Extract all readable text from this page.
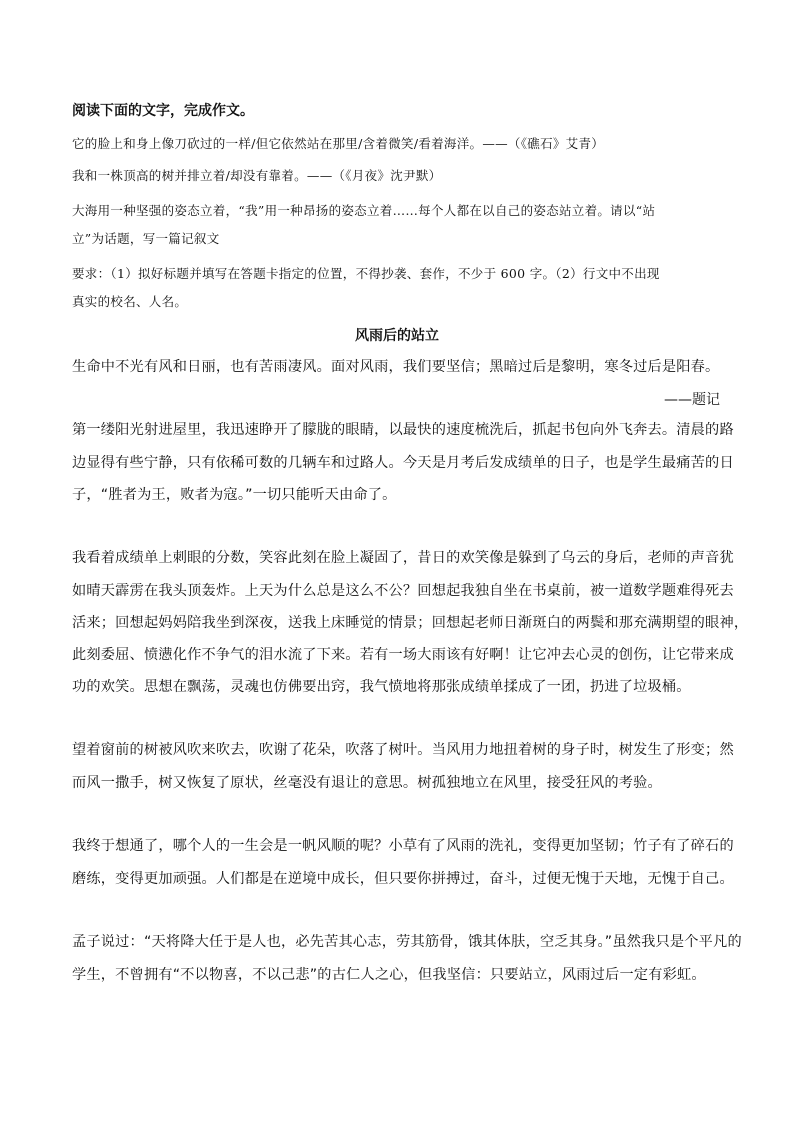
阅读下面的文字，完成作文。
它的脸上和身上像刀砍过的一样/但它依然站在那里/含着微笑/看着海洋。——（《礁石》艾青）
我和一株顶高的树并排立着/却没有靠着。——（《月夜》沈尹默）
大海用一种坚强的姿态立着，“我”用一种昂扬的姿态立着……每个人都在以自己的姿态站立着。请以“站
立”为话题，写一篇记叙文
要求：（1）拟好标题并填写在答题卡指定的位置，不得抄袭、套作，不少于 600 字。（2）行文中不出现
真实的校名、人名。
风雨后的站立
生命中不光有风和日丽，也有苦雨凄风。面对风雨，我们要坚信；黑暗过后是黎明，寒冬过后是阳春。
——题记
第一缕阳光射进屋里，我迅速睁开了朦胧的眼睛，以最快的速度梳洗后，抓起书包向外飞奔去。清晨的路
边显得有些宁静，只有依稀可数的几辆车和过路人。今天是月考后发成绩单的日子，也是学生最痛苦的日
子，“胜者为王，败者为寇。”一切只能听天由命了。
我看着成绩单上刺眼的分数，笑容此刻在脸上凝固了，昔日的欢笑像是躲到了乌云的身后，老师的声音犹
如晴天霹雳在我头顶轰炸。上天为什么总是这么不公？回想起我独自坐在书桌前，被一道数学题难得死去
活来；回想起妈妈陪我坐到深夜，送我上床睡觉的情景；回想起老师日渐斑白的两鬓和那充满期望的眼神，
此刻委屈、愤懑化作不争气的泪水流了下来。若有一场大雨该有好啊！让它冲去心灵的创伤，让它带来成
功的欢笑。思想在飘荡，灵魂也仿佛要出窍，我气愤地将那张成绩单揉成了一团，扔进了垃圾桶。
望着窗前的树被风吹来吹去，吹谢了花朵，吹落了树叶。当风用力地扭着树的身子时，树发生了形变；然
而风一撒手，树又恢复了原状，丝毫没有退让的意思。树孤独地立在风里，接受狂风的考验。
我终于想通了，哪个人的一生会是一帆风顺的呢？小草有了风雨的洗礼，变得更加坚韧；竹子有了碎石的
磨练，变得更加顽强。人们都是在逆境中成长，但只要你拼搏过，奋斗，过便无愧于天地，无愧于自己。
孟子说过：“天将降大任于是人也，必先苦其心志，劳其筋骨，饿其体肤，空乏其身。”虽然我只是个平凡的
学生，不曾拥有“不以物喜，不以己悲”的古仁人之心，但我坚信：只要站立，风雨过后一定有彩虹。
